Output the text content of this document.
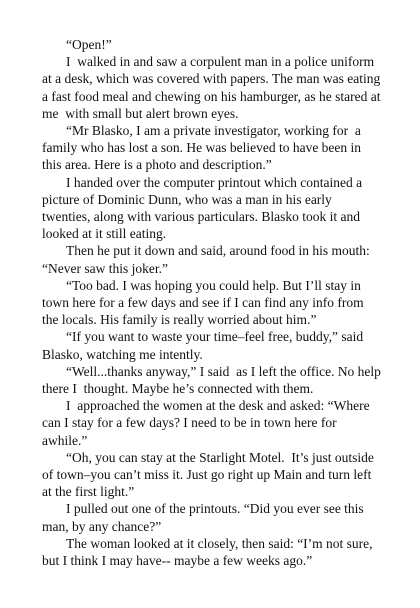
“Open!”

I  walked in and saw a corpulent man in a police uniform at a desk, which was covered with papers. The man was eating a fast food meal and chewing on his hamburger, as he stared at me  with small but alert brown eyes.

“Mr Blasko, I am a private investigator, working for  a family who has lost a son. He was believed to have been in this area. Here is a photo and description.”

I handed over the computer printout which contained a picture of Dominic Dunn, who was a man in his early twenties, along with various particulars. Blasko took it and looked at it still eating.

Then he put it down and said, around food in his mouth: “Never saw this joker.”

“Too bad. I was hoping you could help. But I’ll stay in town here for a few days and see if I can find any info from the locals. His family is really worried about him.”

“If you want to waste your time–feel free, buddy,” said Blasko, watching me intently.

“Well...thanks anyway,” I said  as I left the office. No help there I  thought. Maybe he’s connected with them.

I  approached the women at the desk and asked: “Where can I stay for a few days? I need to be in town here for awhile.”

“Oh, you can stay at the Starlight Motel.  It’s just outside of town–you can’t miss it. Just go right up Main and turn left at the first light.”

I pulled out one of the printouts. “Did you ever see this man, by any chance?”

The woman looked at it closely, then said: “I’m not sure, but I think I may have-- maybe a few weeks ago.”
